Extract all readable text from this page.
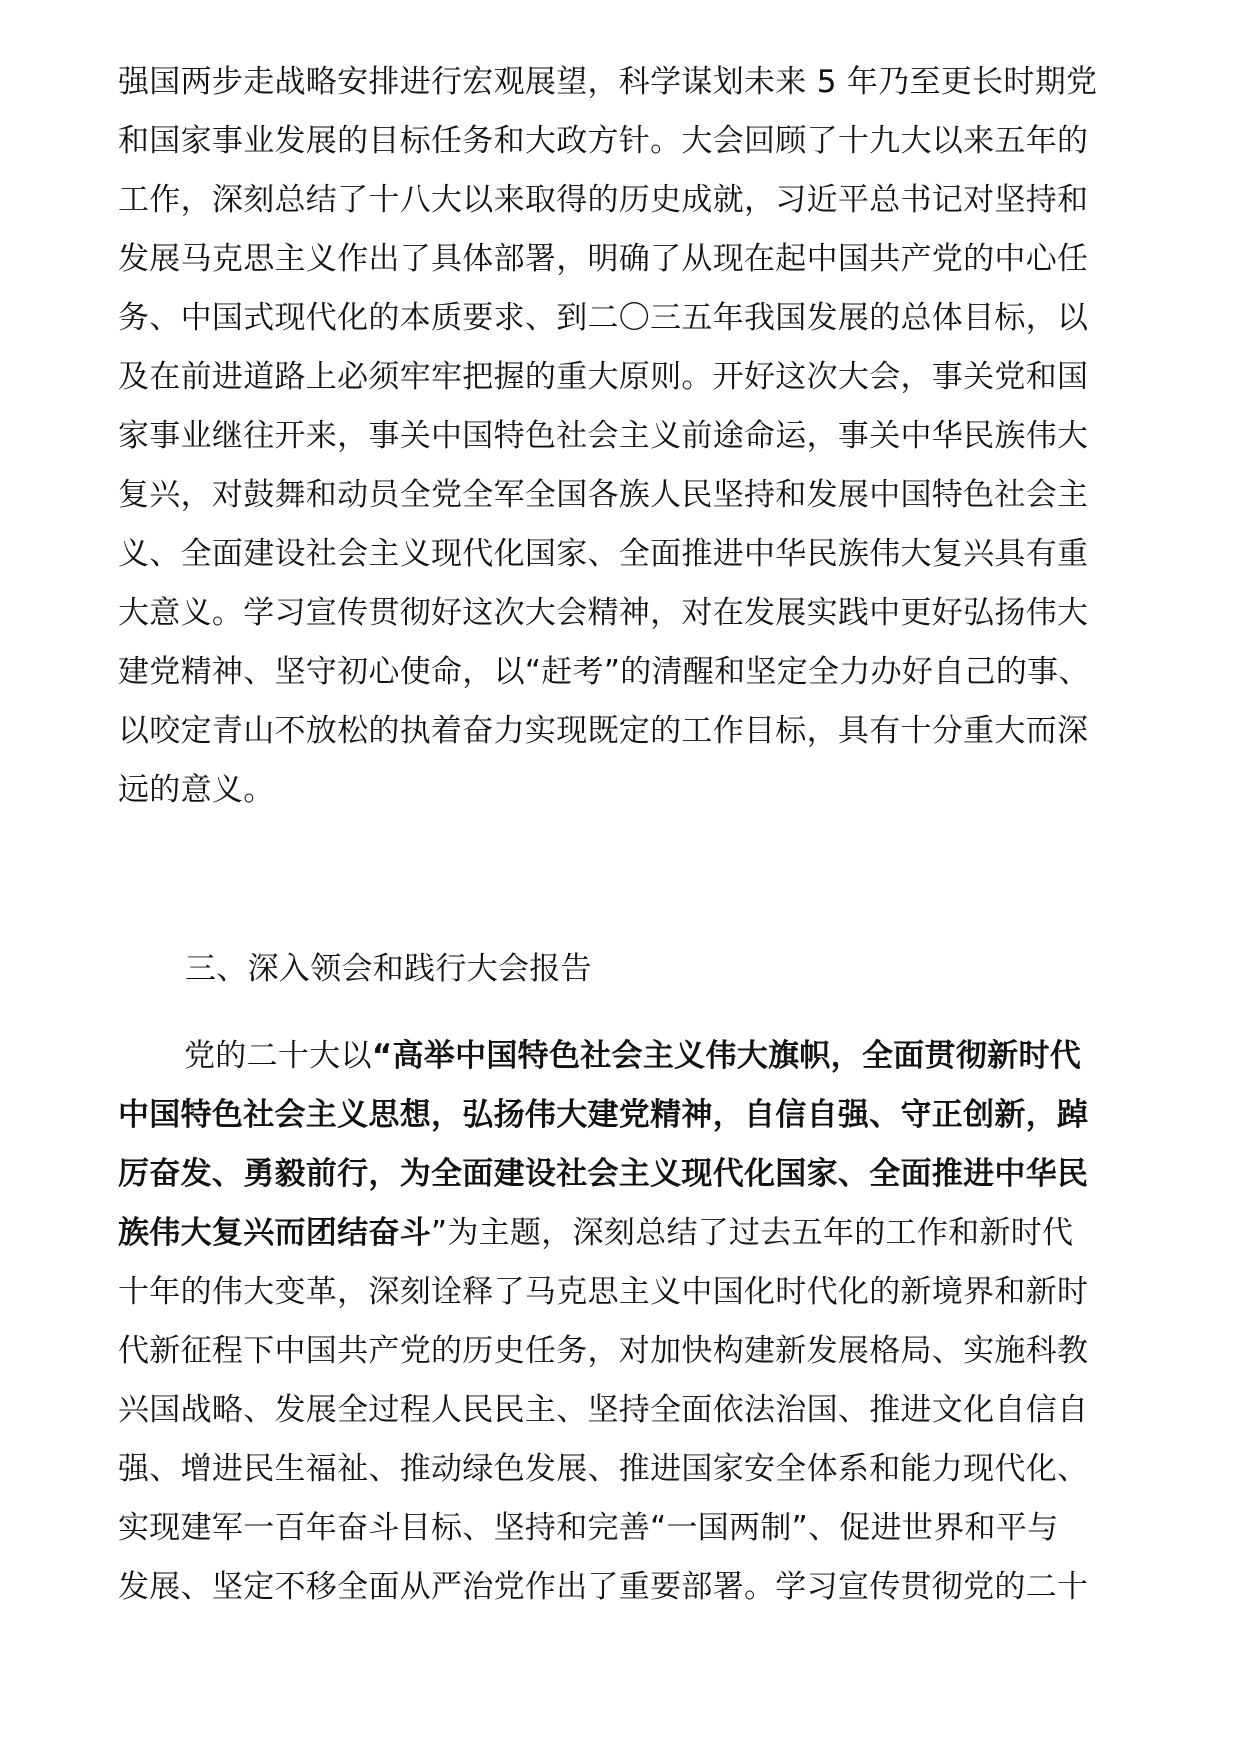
强国两步走战略安排进行宏观展望，科学谋划未来 5 年乃至更长时期党
和国家事业发展的目标任务和大政方针。大会回顾了十九大以来五年的
工作，深刻总结了十八大以来取得的历史成就，习近平总书记对坚持和
发展马克思主义作出了具体部署，明确了从现在起中国共产党的中心任
务、中国式现代化的本质要求、到二〇三五年我国发展的总体目标，以
及在前进道路上必须牢牢把握的重大原则。开好这次大会，事关党和国
家事业继往开来，事关中国特色社会主义前途命运，事关中华民族伟大
复兴，对鼓舞和动员全党全军全国各族人民坚持和发展中国特色社会主
义、全面建设社会主义现代化国家、全面推进中华民族伟大复兴具有重
大意义。学习宣传贯彻好这次大会精神，对在发展实践中更好弘扬伟大
建党精神、坚守初心使命，以“赶考”的清醒和坚定全力办好自己的事、
以咬定青山不放松的执着奋力实现既定的工作目标，具有十分重大而深
远的意义。
三、深入领会和践行大会报告
党的二十大以“高举中国特色社会主义伟大旗帜，全面贯彻新时代
中国特色社会主义思想，弘扬伟大建党精神，自信自强、守正创新，踔
厉奋发、勇毅前行，为全面建设社会主义现代化国家、全面推进中华民
族伟大复兴而团结奋斗”为主题，深刻总结了过去五年的工作和新时代
十年的伟大变革，深刻诠释了马克思主义中国化时代化的新境界和新时
代新征程下中国共产党的历史任务，对加快构建新发展格局、实施科教
兴国战略、发展全过程人民民主、坚持全面依法治国、推进文化自信自
强、增进民生福祉、推动绿色发展、推进国家安全体系和能力现代化、
实现建军一百年奋斗目标、坚持和完善“一国两制”、促进世界和平与
发展、坚定不移全面从严治党作出了重要部署。学习宣传贯彻党的二十
